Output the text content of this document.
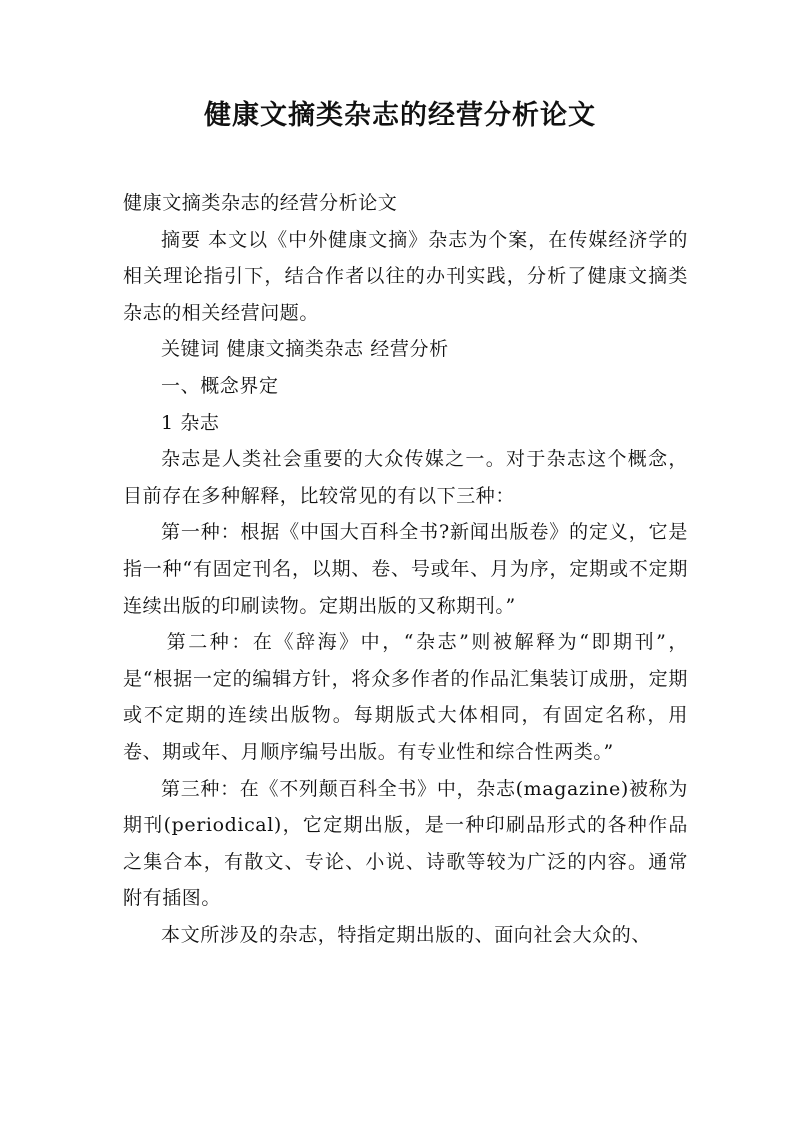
健康文摘类杂志的经营分析论文

健康文摘类杂志的经营分析论文

摘要 本文以《中外健康文摘》杂志为个案，在传媒经济学的相关理论指引下，结合作者以往的办刊实践，分析了健康文摘类杂志的相关经营问题。

关键词 健康文摘类杂志 经营分析

一、概念界定

1 杂志

杂志是人类社会重要的大众传媒之一。对于杂志这个概念，目前存在多种解释，比较常见的有以下三种：

第一种：根据《中国大百科全书?新闻出版卷》的定义，它是指一种“有固定刊名，以期、卷、号或年、月为序，定期或不定期连续出版的印刷读物。定期出版的又称期刊。”

第二种：在《辞海》中，“杂志”则被解释为“即期刊”，是“根据一定的编辑方针，将众多作者的作品汇集装订成册，定期或不定期的连续出版物。每期版式大体相同，有固定名称，用卷、期或年、月顺序编号出版。有专业性和综合性两类。”

第三种：在《不列颠百科全书》中，杂志(magazine)被称为期刊(periodical)，它定期出版，是一种印刷品形式的各种作品之集合本，有散文、专论、小说、诗歌等较为广泛的内容。通常附有插图。

本文所涉及的杂志，特指定期出版的、面向社会大众的、
